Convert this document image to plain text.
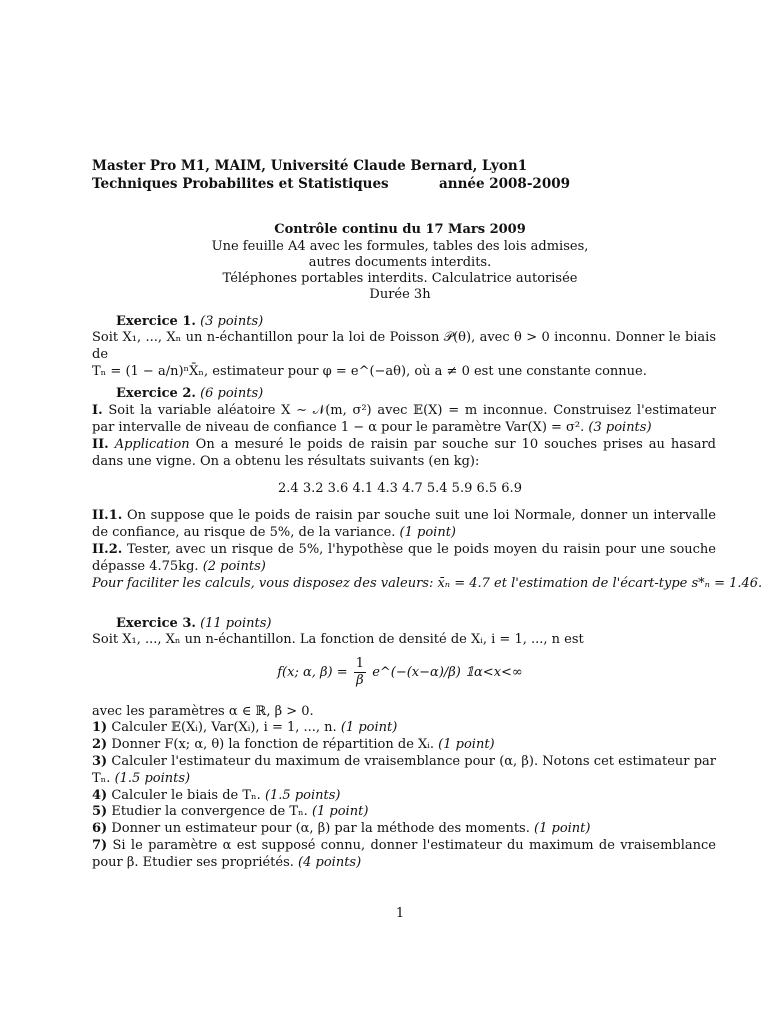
Master Pro M1, MAIM, Université Claude Bernard, Lyon1
Techniques Probabilites et Statistiques	année 2008-2009
Contrôle continu du 17 Mars 2009
Une feuille A4 avec les formules, tables des lois admises,
autres documents interdits.
Téléphones portables interdits. Calculatrice autorisée
Durée 3h
Exercice 1. (3 points)

Soit X₁, ..., Xₙ un n-échantillon pour la loi de Poisson 𝒫(θ), avec θ > 0 inconnu. Donner le biais de

Tₙ = (1 − a/n)ⁿX̄ₙ, estimateur pour φ = e^(−aθ), où a ≠ 0 est une constante connue.

Exercice 2. (6 points)
I. Soit la variable aléatoire X ∼ 𝒩(m, σ²) avec 𝔼(X) = m inconnue. Construisez l'estimateur par intervalle de niveau de confiance 1 − α pour le paramètre Var(X) = σ². (3 points)
II. Application On a mesuré le poids de raisin par souche sur 10 souches prises au hasard dans une vigne. On a obtenu les résultats suivants (en kg):
2.4 3.2 3.6 4.1 4.3 4.7 5.4 5.9 6.5 6.9
II.1. On suppose que le poids de raisin par souche suit une loi Normale, donner un intervalle de confiance, au risque de 5%, de la variance. (1 point)
II.2. Tester, avec un risque de 5%, l'hypothèse que le poids moyen du raisin pour une souche dépasse 4.75kg. (2 points)
Pour faciliter les calculs, vous disposez des valeurs: x̄ₙ = 4.7 et l'estimation de l'écart-type s*ₙ = 1.46.
Exercice 3. (11 points)
Soit X₁, ..., Xₙ un n-échantillon. La fonction de densité de Xᵢ, i = 1, ..., n est
f(x; α, $\beta) = \frac{1}{\beta}$ e^(−(x−α)/β) 𝟙α<x<∞
avec les paramètres α ∈ ℝ, β > 0.
1) Calculer 𝔼(Xᵢ), Var(Xᵢ), i = 1, ..., n. (1 point)
2) Donner F(x; α, θ) la fonction de répartition de Xᵢ. (1 point)
3) Calculer l'estimateur du maximum de vraisemblance pour (α, β). Notons cet estimateur par Tₙ. (1.5 points)
4) Calculer le biais de Tₙ. (1.5 points)
5) Etudier la convergence de Tₙ. (1 point)
6) Donner un estimateur pour (α, β) par la méthode des moments. (1 point)
7) Si le paramètre α est supposé connu, donner l'estimateur du maximum de vraisemblance pour β. Etudier ses propriétés. (4 points)
1
